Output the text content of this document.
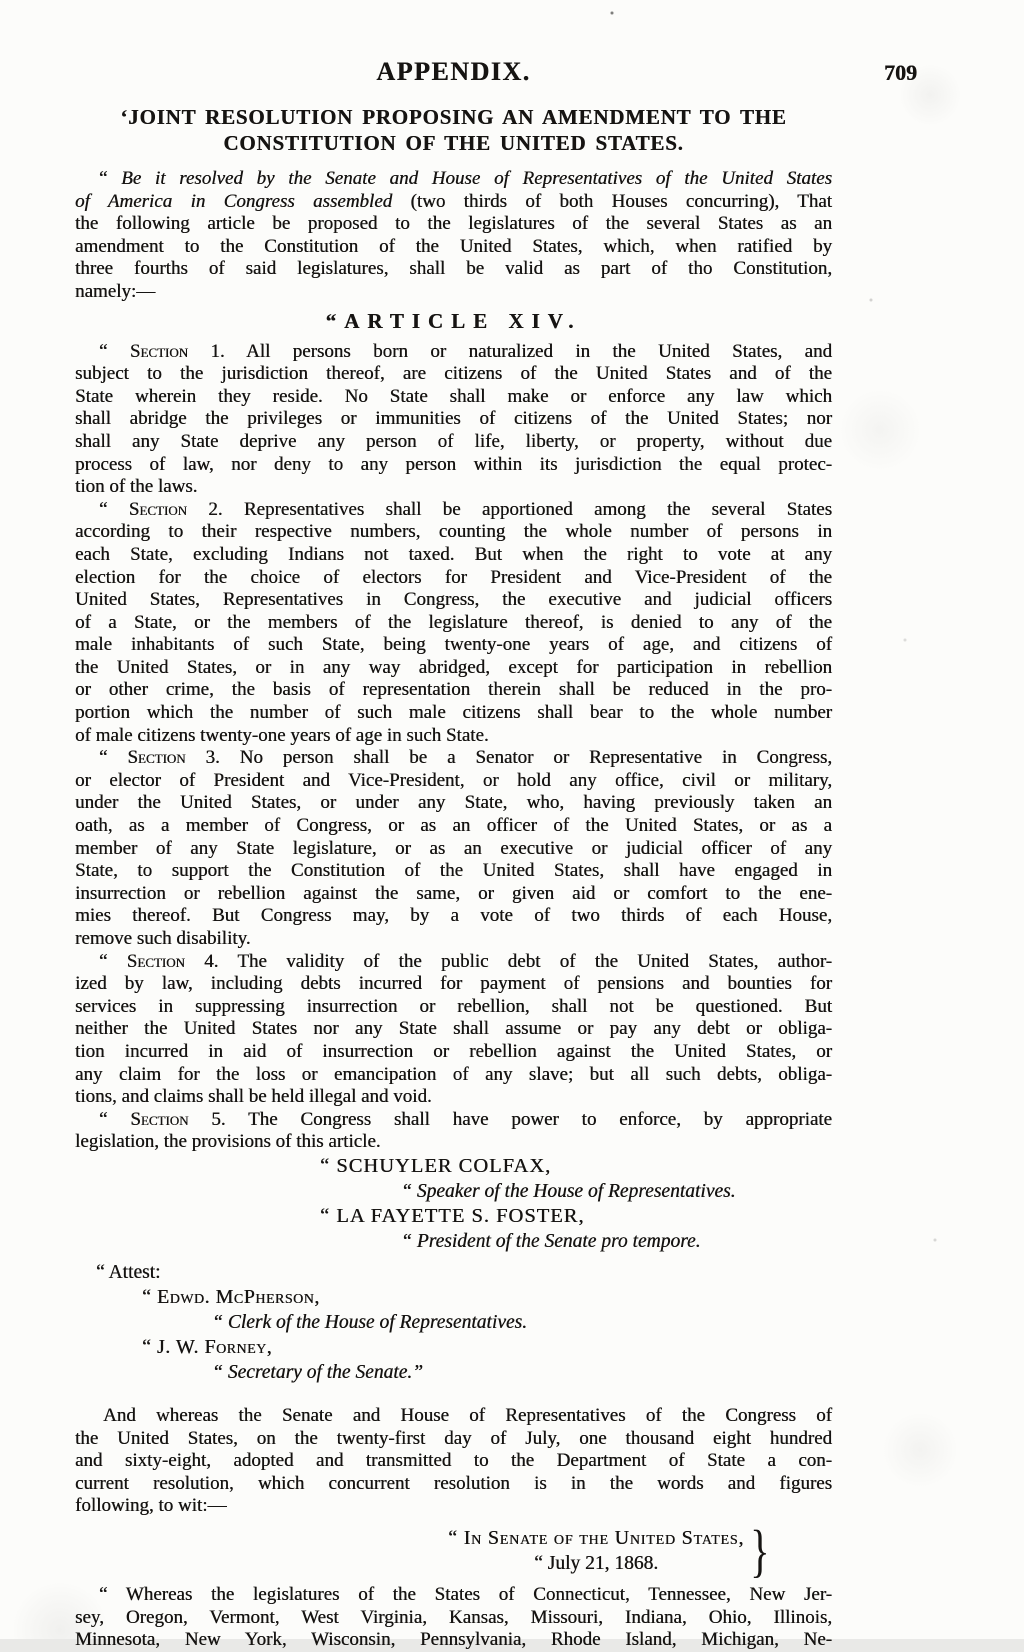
APPENDIX.	709
‘JOINT RESOLUTION PROPOSING AN AMENDMENT TO THE
CONSTITUTION OF THE UNITED STATES.
“ Be it resolved by the Senate and House of Representatives of the United States
of America in Congress assembled (two thirds of both Houses concurring), That
the following article be proposed to the legislatures of the several States as an
amendment to the Constitution of the United States, which, when ratified by
three fourths of said legislatures, shall be valid as part of tho Constitution,
namely:—
“ARTICLE XIV.
“ Section 1. All persons born or naturalized in the United States, and
subject to the jurisdiction thereof, are citizens of the United States and of the
State wherein they reside. No State shall make or enforce any law which
shall abridge the privileges or immunities of citizens of the United States; nor
shall any State deprive any person of life, liberty, or property, without due
process of law, nor deny to any person within its jurisdiction the equal protec-
tion of the laws.
“ Section 2. Representatives shall be apportioned among the several States
according to their respective numbers, counting the whole number of persons in
each State, excluding Indians not taxed. But when the right to vote at any
election for the choice of electors for President and Vice-President of the
United States, Representatives in Congress, the executive and judicial officers
of a State, or the members of the legislature thereof, is denied to any of the
male inhabitants of such State, being twenty-one years of age, and citizens of
the United States, or in any way abridged, except for participation in rebellion
or other crime, the basis of representation therein shall be reduced in the pro-
portion which the number of such male citizens shall bear to the whole number
of male citizens twenty-one years of age in such State.
“ Section 3. No person shall be a Senator or Representative in Congress,
or elector of President and Vice-President, or hold any office, civil or military,
under the United States, or under any State, who, having previously taken an
oath, as a member of Congress, or as an officer of the United States, or as a
member of any State legislature, or as an executive or judicial officer of any
State, to support the Constitution of the United States, shall have engaged in
insurrection or rebellion against the same, or given aid or comfort to the ene-
mies thereof. But Congress may, by a vote of two thirds of each House,
remove such disability.
“ Section 4. The validity of the public debt of the United States, author-
ized by law, including debts incurred for payment of pensions and bounties for
services in suppressing insurrection or rebellion, shall not be questioned. But
neither the United States nor any State shall assume or pay any debt or obliga-
tion incurred in aid of insurrection or rebellion against the United States, or
any claim for the loss or emancipation of any slave; but all such debts, obliga-
tions, and claims shall be held illegal and void.
“ Section 5. The Congress shall have power to enforce, by appropriate
legislation, the provisions of this article.
“ SCHUYLER COLFAX,
“ Speaker of the House of Representatives.
“ LA FAYETTE S. FOSTER,
“ President of the Senate pro tempore.
“ Attest:
“ Edwd. McPherson,
“ Clerk of the House of Representatives.
“ J. W. Forney,
“ Secretary of the Senate.”
And whereas the Senate and House of Representatives of the Congress of
the United States, on the twenty-first day of July, one thousand eight hundred
and sixty-eight, adopted and transmitted to the Department of State a con-
current resolution, which concurrent resolution is in the words and figures
following, to wit:—
“ In Senate of the United States,
“ July 21, 1868.	}
“ Whereas the legislatures of the States of Connecticut, Tennessee, New Jer-
sey, Oregon, Vermont, West Virginia, Kansas, Missouri, Indiana, Ohio, Illinois,
Minnesota, New York, Wisconsin, Pennsylvania, Rhode Island, Michigan, Ne-
